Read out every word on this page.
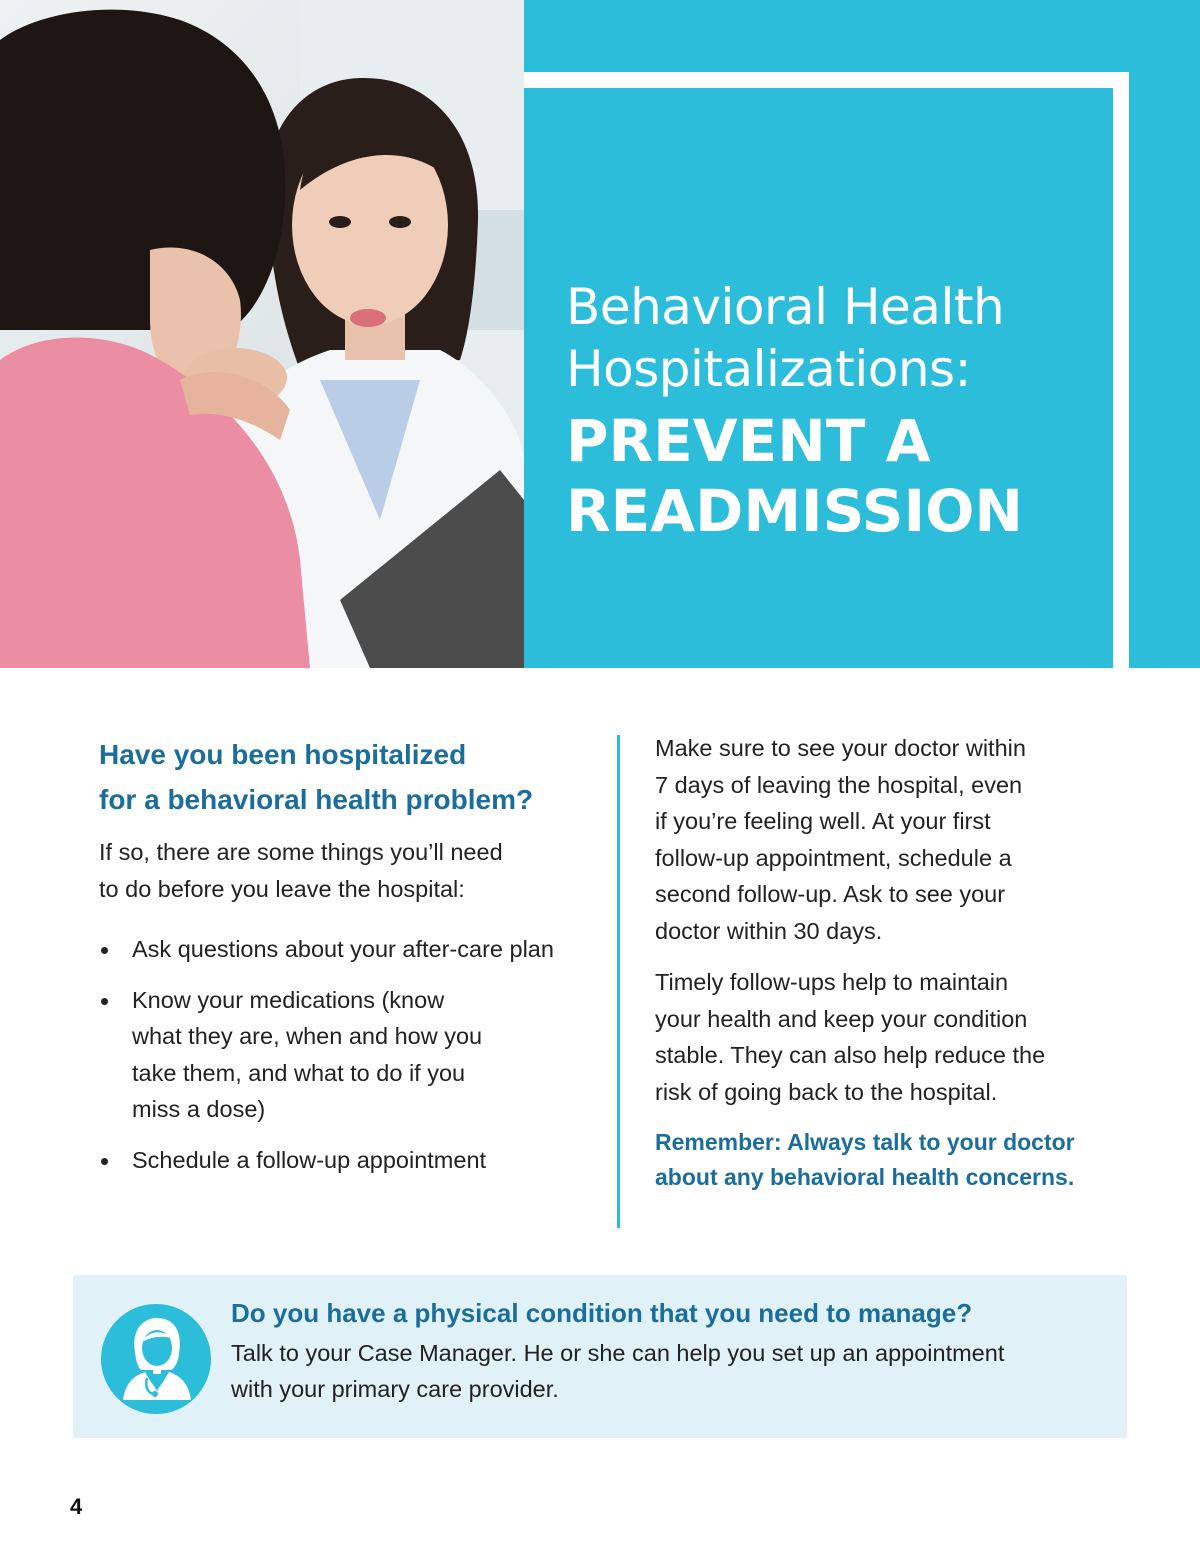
Behavioral Health
Hospitalizations:
PREVENT A
READMISSION
Have you been hospitalized
for a behavioral health problem?

If so, there are some things you’ll need
to do before you leave the hospital:

Ask questions about your after-care plan
Know your medications (know
what they are, when and how you
take them, and what to do if you
miss a dose)
Schedule a follow-up appointment

Make sure to see your doctor within
7 days of leaving the hospital, even
if you’re feeling well. At your first
follow-up appointment, schedule a
second follow-up. Ask to see your
doctor within 30 days.

Timely follow-ups help to maintain
your health and keep your condition
stable. They can also help reduce the
risk of going back to the hospital.

Remember: Always talk to your doctor
about any behavioral health concerns.

Do you have a physical condition that you need to manage?
Talk to your Case Manager. He or she can help you set up an appointment
with your primary care provider.
4
